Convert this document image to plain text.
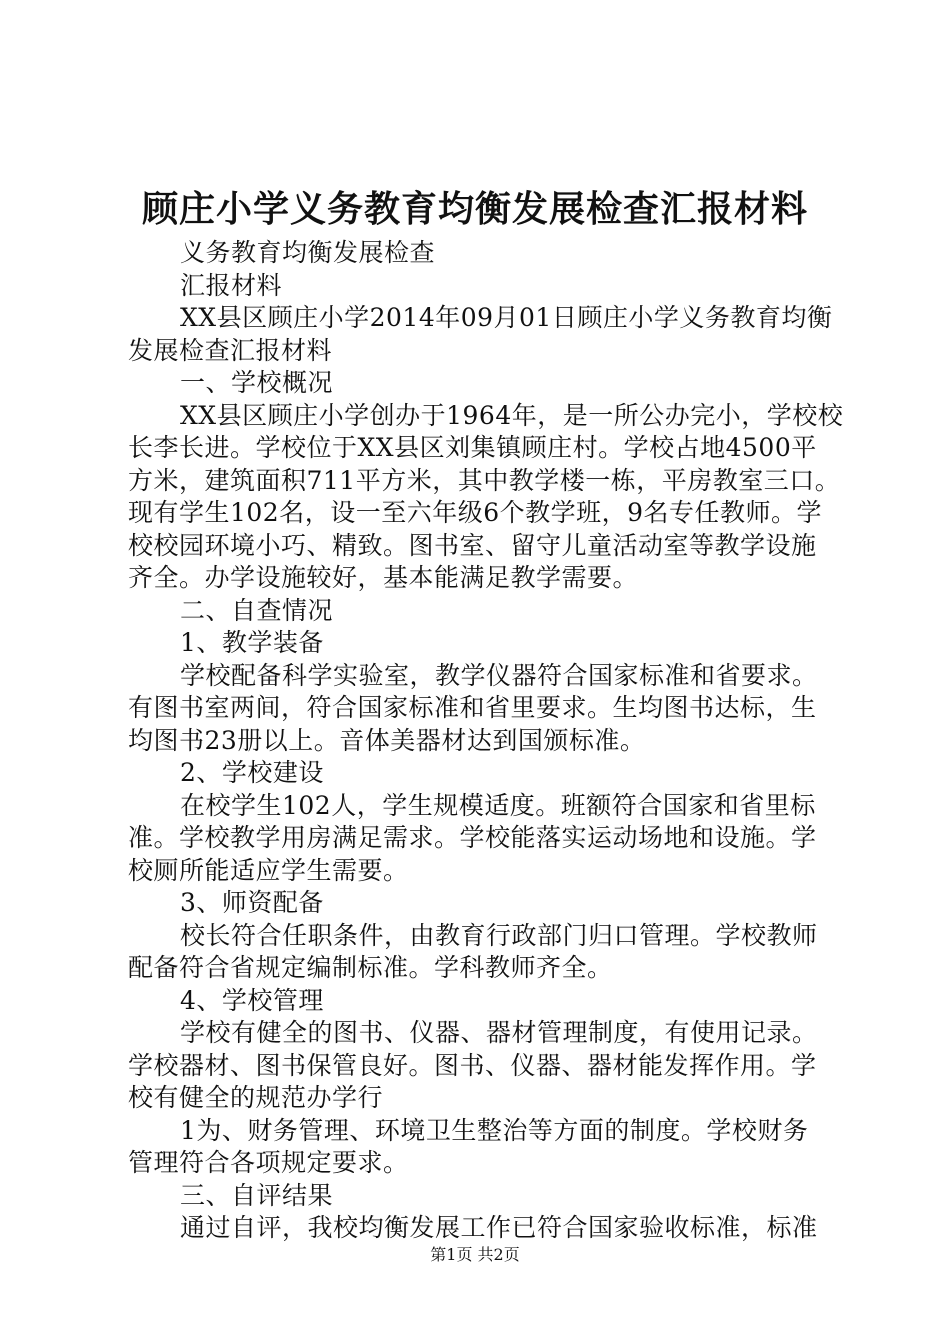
顾庄小学义务教育均衡发展检查汇报材料
义务教育均衡发展检查
汇报材料
XX县区顾庄小学2014年09月01日顾庄小学义务教育均衡
发展检查汇报材料
一、学校概况
XX县区顾庄小学创办于1964年，是一所公办完小，学校校
长李长进。学校位于XX县区刘集镇顾庄村。学校占地4500平
方米，建筑面积711平方米，其中教学楼一栋，平房教室三口。
现有学生102名，设一至六年级6个教学班，9名专任教师。学
校校园环境小巧、精致。图书室、留守儿童活动室等教学设施
齐全。办学设施较好，基本能满足教学需要。
二、自查情况
1、教学装备
学校配备科学实验室，教学仪器符合国家标准和省要求。
有图书室两间，符合国家标准和省里要求。生均图书达标，生
均图书23册以上。音体美器材达到国颁标准。
2、学校建设
在校学生102人，学生规模适度。班额符合国家和省里标
准。学校教学用房满足需求。学校能落实运动场地和设施。学
校厕所能适应学生需要。
3、师资配备
校长符合任职条件，由教育行政部门归口管理。学校教师
配备符合省规定编制标准。学科教师齐全。
4、学校管理
学校有健全的图书、仪器、器材管理制度，有使用记录。
学校器材、图书保管良好。图书、仪器、器材能发挥作用。学
校有健全的规范办学行
1为、财务管理、环境卫生整治等方面的制度。学校财务
管理符合各项规定要求。
三、自评结果
通过自评，我校均衡发展工作已符合国家验收标准，标准
第1页 共2页
